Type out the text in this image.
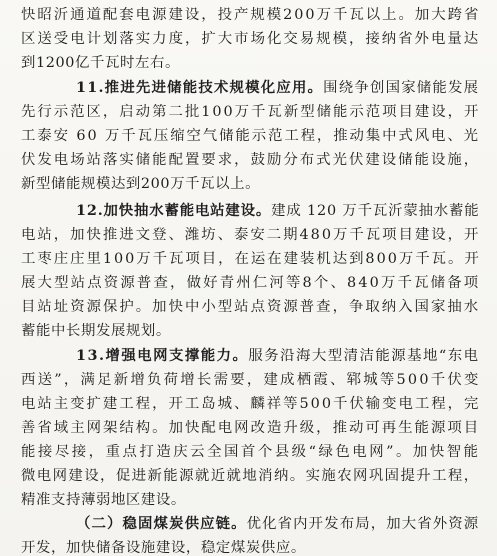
快昭沂通道配套电源建设，投产规模200万千瓦以上。加大跨省
区送受电计划落实力度，扩大市场化交易规模，接纳省外电量达
到1200亿千瓦时左右。
11.推进先进储能技术规模化应用。围绕争创国家储能发展
先行示范区，启动第二批100万千瓦新型储能示范项目建设，开
工泰安 60 万千瓦压缩空气储能示范工程，推动集中式风电、光
伏发电场站落实储能配置要求，鼓励分布式光伏建设储能设施，
新型储能规模达到200万千瓦以上。
12.加快抽水蓄能电站建设。建成 120 万千瓦沂蒙抽水蓄能
电站，加快推进文登、潍坊、泰安二期480万千瓦项目建设，开
工枣庄庄里100万千瓦项目，在运在建装机达到800万千瓦。开
展大型站点资源普查，做好青州仁河等8个、840万千瓦储备项
目站址资源保护。加快中小型站点资源普查，争取纳入国家抽水
蓄能中长期发展规划。
13.增强电网支撑能力。服务沿海大型清洁能源基地“东电
西送”，满足新增负荷增长需要，建成栖霞、郓城等500千伏变
电站主变扩建工程，开工岛城、麟祥等500千伏输变电工程，完
善省域主网架结构。加快配电网改造升级，推动可再生能源项目
能接尽接，重点打造庆云全国首个县级“绿色电网”。加快智能
微电网建设，促进新能源就近就地消纳。实施农网巩固提升工程，
精准支持薄弱地区建设。
（二）稳固煤炭供应链。优化省内开发布局，加大省外资源
开发，加快储备设施建设，稳定煤炭供应。
